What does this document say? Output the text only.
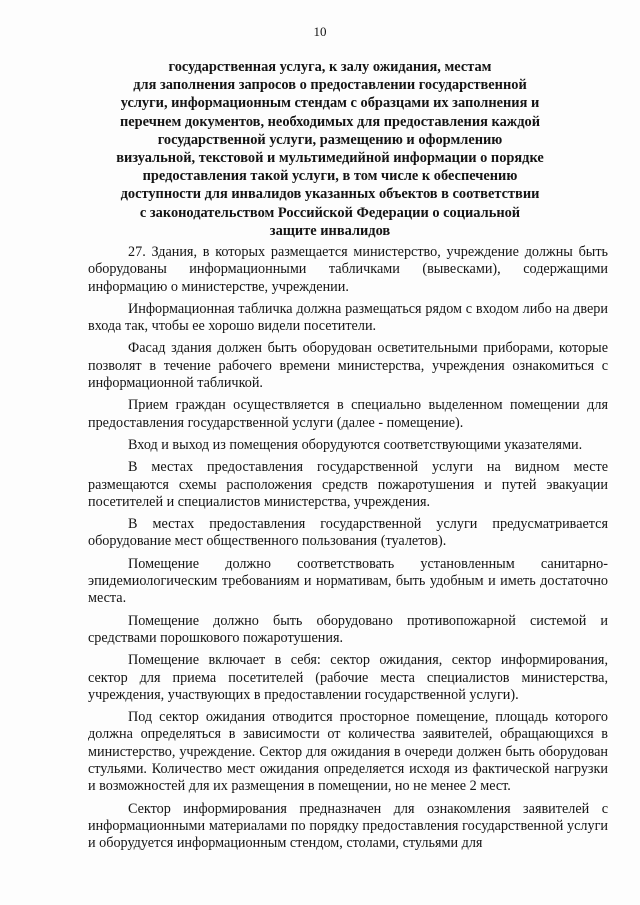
10
государственная услуга, к залу ожидания, местам
для заполнения запросов о предоставлении государственной
услуги, информационным стендам с образцами их заполнения и
перечнем документов, необходимых для предоставления каждой
государственной услуги, размещению и оформлению
визуальной, текстовой и мультимедийной информации о порядке
предоставления такой услуги, в том числе к обеспечению
доступности для инвалидов указанных объектов в соответствии
с законодательством Российской Федерации о социальной
защите инвалидов

27. Здания, в которых размещается министерство, учреждение должны быть оборудованы информационными табличками (вывесками), содержащими информацию о министерстве, учреждении.

Информационная табличка должна размещаться рядом с входом либо на двери входа так, чтобы ее хорошо видели посетители.

Фасад здания должен быть оборудован осветительными приборами, которые позволят в течение рабочего времени министерства, учреждения ознакомиться с информационной табличкой.

Прием граждан осуществляется в специально выделенном помещении для предоставления государственной услуги (далее - помещение).

Вход и выход из помещения оборудуются соответствующими указателями.

В местах предоставления государственной услуги на видном месте размещаются схемы расположения средств пожаротушения и путей эвакуации посетителей и специалистов министерства, учреждения.

В местах предоставления государственной услуги предусматривается оборудование мест общественного пользования (туалетов).

Помещение должно соответствовать установленным санитарно-эпидемиологическим требованиям и нормативам, быть удобным и иметь достаточно места.

Помещение должно быть оборудовано противопожарной системой и средствами порошкового пожаротушения.

Помещение включает в себя: сектор ожидания, сектор информирования, сектор для приема посетителей (рабочие места специалистов министерства, учреждения, участвующих в предоставлении государственной услуги).

Под сектор ожидания отводится просторное помещение, площадь которого должна определяться в зависимости от количества заявителей, обращающихся в министерство, учреждение. Сектор для ожидания в очереди должен быть оборудован стульями. Количество мест ожидания определяется исходя из фактической нагрузки и возможностей для их размещения в помещении, но не менее 2 мест.

Сектор информирования предназначен для ознакомления заявителей с информационными материалами по порядку предоставления государственной услуги и оборудуется информационным стендом, столами, стульями для
